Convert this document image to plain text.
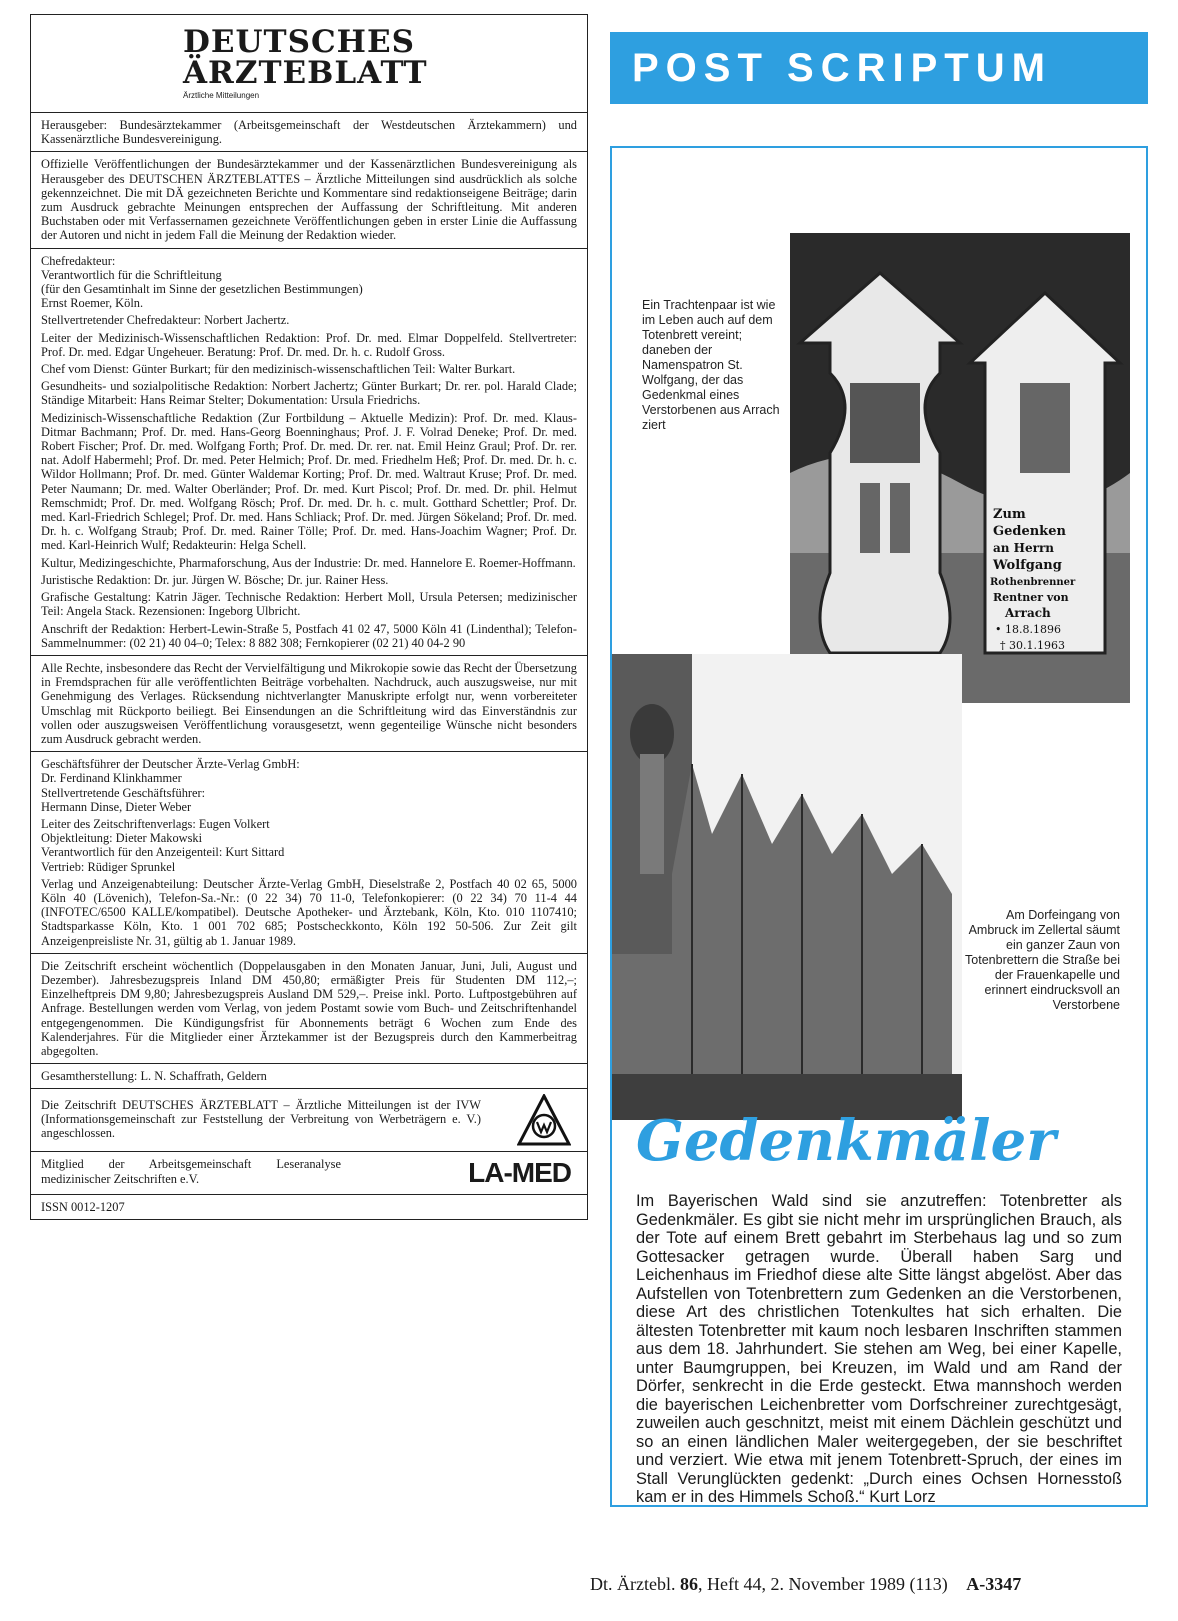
DEUTSCHES
ÄRZTEBLATT
Ärztliche Mitteilungen

Herausgeber: Bundesärztekammer (Arbeitsgemeinschaft der Westdeutschen Ärztekammern) und Kassenärztliche Bundesvereinigung.

Offizielle Veröffentlichungen der Bundesärztekammer und der Kassenärztlichen Bundesvereinigung als Herausgeber des DEUTSCHEN ÄRZTEBLATTES – Ärztliche Mitteilungen sind ausdrücklich als solche gekennzeichnet. Die mit DÄ gezeichneten Berichte und Kommentare sind redaktionseigene Beiträge; darin zum Ausdruck gebrachte Meinungen entsprechen der Auffassung der Schriftleitung. Mit anderen Buchstaben oder mit Verfassernamen gezeichnete Veröffentlichungen geben in erster Linie die Auffassung der Autoren und nicht in jedem Fall die Meinung der Redaktion wieder.

Chefredakteur:
Verantwortlich für die Schriftleitung
(für den Gesamtinhalt im Sinne der gesetzlichen Bestimmungen)
Ernst Roemer, Köln.

Stellvertretender Chefredakteur: Norbert Jachertz.

Leiter der Medizinisch-Wissenschaftlichen Redaktion: Prof. Dr. med. Elmar Doppelfeld. Stellvertreter: Prof. Dr. med. Edgar Ungeheuer. Beratung: Prof. Dr. med. Dr. h. c. Rudolf Gross.

Chef vom Dienst: Günter Burkart; für den medizinisch-wissenschaftlichen Teil: Walter Burkart.

Gesundheits- und sozialpolitische Redaktion: Norbert Jachertz; Günter Burkart; Dr. rer. pol. Harald Clade; Ständige Mitarbeit: Hans Reimar Stelter; Dokumentation: Ursula Friedrichs.

Medizinisch-Wissenschaftliche Redaktion (Zur Fortbildung – Aktuelle Medizin): Prof. Dr. med. Klaus-Ditmar Bachmann; Prof. Dr. med. Hans-Georg Boenninghaus; Prof. J. F. Volrad Deneke; Prof. Dr. med. Robert Fischer; Prof. Dr. med. Wolfgang Forth; Prof. Dr. med. Dr. rer. nat. Emil Heinz Graul; Prof. Dr. rer. nat. Adolf Habermehl; Prof. Dr. med. Peter Helmich; Prof. Dr. med. Friedhelm Heß; Prof. Dr. med. Dr. h. c. Wildor Hollmann; Prof. Dr. med. Günter Waldemar Korting; Prof. Dr. med. Waltraut Kruse; Prof. Dr. med. Peter Naumann; Dr. med. Walter Oberländer; Prof. Dr. med. Kurt Piscol; Prof. Dr. med. Dr. phil. Helmut Remschmidt; Prof. Dr. med. Wolfgang Rösch; Prof. Dr. med. Dr. h. c. mult. Gotthard Schettler; Prof. Dr. med. Karl-Friedrich Schlegel; Prof. Dr. med. Hans Schliack; Prof. Dr. med. Jürgen Sökeland; Prof. Dr. med. Dr. h. c. Wolfgang Straub; Prof. Dr. med. Rainer Tölle; Prof. Dr. med. Hans-Joachim Wagner; Prof. Dr. med. Karl-Heinrich Wulf; Redakteurin: Helga Schell.

Kultur, Medizingeschichte, Pharmaforschung, Aus der Industrie: Dr. med. Hannelore E. Roemer-Hoffmann.

Juristische Redaktion: Dr. jur. Jürgen W. Bösche; Dr. jur. Rainer Hess.

Grafische Gestaltung: Katrin Jäger. Technische Redaktion: Herbert Moll, Ursula Petersen; medizinischer Teil: Angela Stack. Rezensionen: Ingeborg Ulbricht.

Anschrift der Redaktion: Herbert-Lewin-Straße 5, Postfach 41 02 47, 5000 Köln 41 (Lindenthal); Telefon-Sammelnummer: (02 21) 40 04–0; Telex: 8 882 308; Fernkopierer (02 21) 40 04-2 90

Alle Rechte, insbesondere das Recht der Vervielfältigung und Mikrokopie sowie das Recht der Übersetzung in Fremdsprachen für alle veröffentlichten Beiträge vorbehalten. Nachdruck, auch auszugsweise, nur mit Genehmigung des Verlages. Rücksendung nichtverlangter Manuskripte erfolgt nur, wenn vorbereiteter Umschlag mit Rückporto beiliegt. Bei Einsendungen an die Schriftleitung wird das Einverständnis zur vollen oder auszugsweisen Veröffentlichung vorausgesetzt, wenn gegenteilige Wünsche nicht besonders zum Ausdruck gebracht werden.

Geschäftsführer der Deutscher Ärzte-Verlag GmbH:
Dr. Ferdinand Klinkhammer
Stellvertretende Geschäftsführer:
Hermann Dinse, Dieter Weber

Leiter des Zeitschriftenverlags: Eugen Volkert
Objektleitung: Dieter Makowski
Verantwortlich für den Anzeigenteil: Kurt Sittard
Vertrieb: Rüdiger Sprunkel

Verlag und Anzeigenabteilung: Deutscher Ärzte-Verlag GmbH, Dieselstraße 2, Postfach 40 02 65, 5000 Köln 40 (Lövenich), Telefon-Sa.-Nr.: (0 22 34) 70 11-0, Telefonkopierer: (0 22 34) 70 11-4 44 (INFOTEC/6500 KALLE/kompatibel). Deutsche Apotheker- und Ärztebank, Köln, Kto. 010 1107410; Stadtsparkasse Köln, Kto. 1 001 702 685; Postscheckkonto, Köln 192 50-506. Zur Zeit gilt Anzeigenpreisliste Nr. 31, gültig ab 1. Januar 1989.

Die Zeitschrift erscheint wöchentlich (Doppelausgaben in den Monaten Januar, Juni, Juli, August und Dezember). Jahresbezugspreis Inland DM 450,80; ermäßigter Preis für Studenten DM 112,–; Einzelheftpreis DM 9,80; Jahresbezugspreis Ausland DM 529,–. Preise inkl. Porto. Luftpostgebühren auf Anfrage. Bestellungen werden vom Verlag, von jedem Postamt sowie vom Buch- und Zeitschriftenhandel entgegengenommen. Die Kündigungsfrist für Abonnements beträgt 6 Wochen zum Ende des Kalenderjahres. Für die Mitglieder einer Ärztekammer ist der Bezugspreis durch den Kammerbeitrag abgegolten.

Gesamtherstellung: L. N. Schaffrath, Geldern

Die Zeitschrift DEUTSCHES ÄRZTEBLATT – Ärztliche Mitteilungen ist der IVW (Informationsgemeinschaft zur Feststellung der Verbreitung von Werbeträgern e. V.) angeschlossen.

Mitglied der Arbeitsgemeinschaft Leseranalyse medizinischer Zeitschriften e.V.	LA-MED

ISSN 0012-1207

POST SCRIPTUM
Ein Trachtenpaar ist wie im Leben auch auf dem Totenbrett vereint; daneben der Namenspatron St. Wolfgang, der das Gedenkmal eines Verstorbenen aus Arrach ziert
Zum
Gedenken
an Herrn
Wolfgang
Rothenbrenner
Rentner von
Arrach
• 18.8.1896
† 30.1.1963
Am Dorfeingang von Ambruck im Zellertal säumt ein ganzer Zaun von Totenbrettern die Straße bei der Frauenkapelle und erinnert eindrucksvoll an Verstorbene
Gedenkmäler
Im Bayerischen Wald sind sie anzutreffen: Totenbretter als Gedenkmäler. Es gibt sie nicht mehr im ursprünglichen Brauch, als der Tote auf einem Brett gebahrt im Sterbehaus lag und so zum Gottesacker getragen wurde. Überall haben Sarg und Leichenhaus im Friedhof diese alte Sitte längst abgelöst. Aber das Aufstellen von Totenbrettern zum Gedenken an die Verstorbenen, diese Art des christlichen Totenkultes hat sich erhalten. Die ältesten Totenbretter mit kaum noch lesbaren Inschriften stammen aus dem 18. Jahrhundert. Sie stehen am Weg, bei einer Kapelle, unter Baumgruppen, bei Kreuzen, im Wald und am Rand der Dörfer, senkrecht in die Erde gesteckt. Etwa mannshoch werden die bayerischen Leichenbretter vom Dorfschreiner zurechtgesägt, zuweilen auch geschnitzt, meist mit einem Dächlein geschützt und so an einen ländlichen Maler weitergegeben, der sie beschriftet und verziert. Wie etwa mit jenem Totenbrett-Spruch, der eines im Stall Verunglückten gedenkt: „Durch eines Ochsen Hornesstoß kam er in des Himmels Schoß.“ Kurt Lorz
Dt. Ärztebl. 86, Heft 44, 2. November 1989 (113) A-3347
